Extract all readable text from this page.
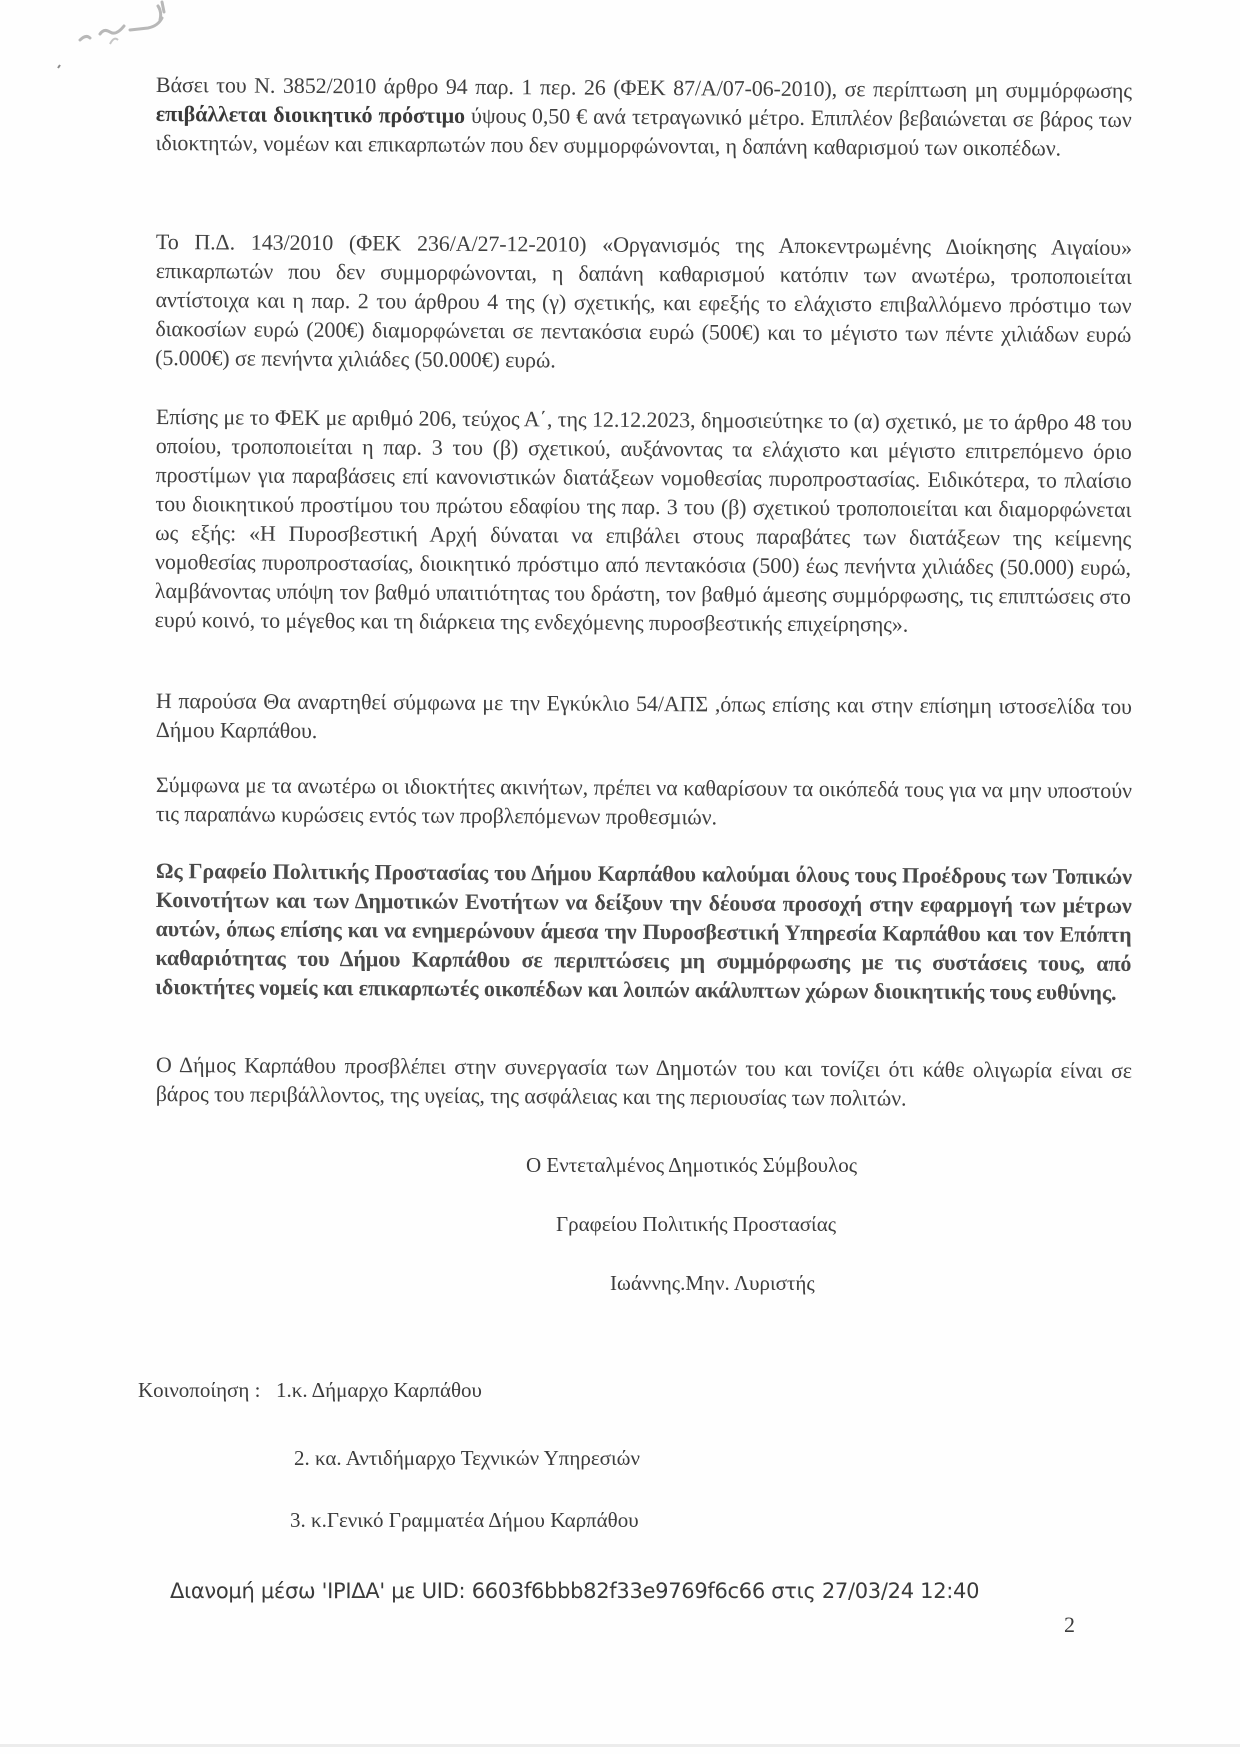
Βάσει του Ν. 3852/2010 άρθρο 94 παρ. 1 περ. 26 (ΦΕΚ 87/Α/07-06-2010), σε περίπτωση μη συμμόρφωσης επιβάλλεται διοικητικό πρόστιμο ύψους 0,50 € ανά τετραγωνικό μέτρο. Επιπλέον βεβαιώνεται σε βάρος των ιδιοκτητών, νομέων και επικαρπωτών που δεν συμμορφώνονται, η δαπάνη καθαρισμού των οικοπέδων.
Το Π.Δ. 143/2010 (ΦΕΚ 236/Α/27-12-2010) «Οργανισμός της Αποκεντρωμένης Διοίκησης Αιγαίου» επικαρπωτών που δεν συμμορφώνονται, η δαπάνη καθαρισμού κατόπιν των ανωτέρω, τροποποιείται αντίστοιχα και η παρ. 2 του άρθρου 4 της (γ) σχετικής, και εφεξής το ελάχιστο επιβαλλόμενο πρόστιμο των διακοσίων ευρώ (200€) διαμορφώνεται σε πεντακόσια ευρώ (500€) και το μέγιστο των πέντε χιλιάδων ευρώ (5.000€) σε πενήντα χιλιάδες (50.000€) ευρώ.
Επίσης με το ΦΕΚ με αριθμό 206, τεύχος Α΄, της 12.12.2023, δημοσιεύτηκε το (α) σχετικό, με το άρθρο 48 του οποίου, τροποποιείται η παρ. 3 του (β) σχετικού, αυξάνοντας τα ελάχιστο και μέγιστο επιτρεπόμενο όριο προστίμων για παραβάσεις επί κανονιστικών διατάξεων νομοθεσίας πυροπροστασίας. Ειδικότερα, το πλαίσιο του διοικητικού προστίμου του πρώτου εδαφίου της παρ. 3 του (β) σχετικού τροποποιείται και διαμορφώνεται ως εξής: «Η Πυροσβεστική Αρχή δύναται να επιβάλει στους παραβάτες των διατάξεων της κείμενης νομοθεσίας πυροπροστασίας, διοικητικό πρόστιμο από πεντακόσια (500) έως πενήντα χιλιάδες (50.000) ευρώ, λαμβάνοντας υπόψη τον βαθμό υπαιτιότητας του δράστη, τον βαθμό άμεσης συμμόρφωσης, τις επιπτώσεις στο ευρύ κοινό, το μέγεθος και τη διάρκεια της ενδεχόμενης πυροσβεστικής επιχείρησης».
Η παρούσα Θα αναρτηθεί σύμφωνα με την Εγκύκλιο 54/ΑΠΣ ,όπως επίσης και στην επίσημη ιστοσελίδα του Δήμου Καρπάθου.
Σύμφωνα με τα ανωτέρω οι ιδιοκτήτες ακινήτων, πρέπει να καθαρίσουν τα οικόπεδά τους για να μην υποστούν τις παραπάνω κυρώσεις εντός των προβλεπόμενων προθεσμιών.
Ως Γραφείο Πολιτικής Προστασίας του Δήμου Καρπάθου καλούμαι όλους τους Προέδρους των Τοπικών Κοινοτήτων και των Δημοτικών Ενοτήτων να δείξουν την δέουσα προσοχή στην εφαρμογή των μέτρων αυτών, όπως επίσης και να ενημερώνουν άμεσα την Πυροσβεστική Υπηρεσία Καρπάθου και τον Επόπτη καθαριότητας του Δήμου Καρπάθου σε περιπτώσεις μη συμμόρφωσης με τις συστάσεις τους, από ιδιοκτήτες νομείς και επικαρπωτές οικοπέδων και λοιπών ακάλυπτων χώρων διοικητικής τους ευθύνης.
Ο Δήμος Καρπάθου προσβλέπει στην συνεργασία των Δημοτών του και τονίζει ότι κάθε ολιγωρία είναι σε βάρος του περιβάλλοντος, της υγείας, της ασφάλειας και της περιουσίας των πολιτών.
Ο Εντεταλμένος Δημοτικός Σύμβουλος
Γραφείου Πολιτικής Προστασίας
Ιωάννης.Μην. Λυριστής
Κοινοποίηση : 1.κ. Δήμαρχο Καρπάθου
2. κα. Αντιδήμαρχο Τεχνικών Υπηρεσιών
3. κ.Γενικό Γραμματέα Δήμου Καρπάθου
Διανομή μέσω 'ΙΡΙΔΑ' με UID: 6603f6bbb82f33e9769f6c66 στις 27/03/24 12:40
2
